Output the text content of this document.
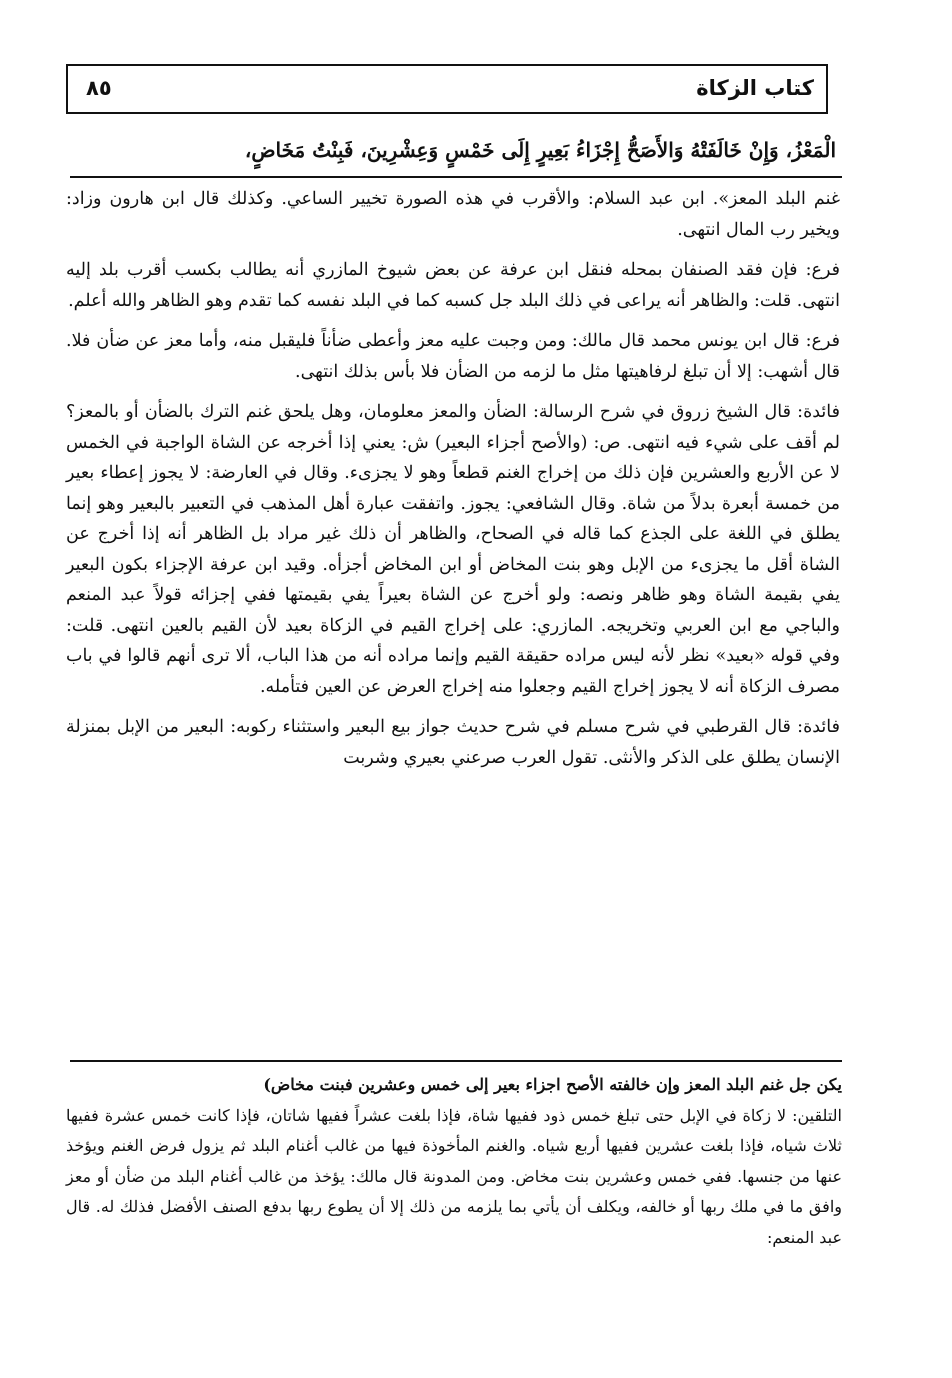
كتاب الزكاة
٨٥
الْمَعْزُ، وَإِنْ خَالَفَتْهُ وَالأَصَحُّ إِجْزَاءُ بَعِيرٍ إِلَى خَمْسٍ وَعِشْرِينَ، فَبِنْتُ مَخَاضٍ،

غنم البلد المعز». ابن عبد السلام: والأقرب في هذه الصورة تخيير الساعي. وكذلك قال ابن هارون وزاد: ويخير رب المال انتهى.

فرع: فإن فقد الصنفان بمحله فنقل ابن عرفة عن بعض شيوخ المازري أنه يطالب بكسب أقرب بلد إليه انتهى. قلت: والظاهر أنه يراعى في ذلك البلد جل كسبه كما في البلد نفسه كما تقدم وهو الظاهر والله أعلم.

فرع: قال ابن يونس محمد قال مالك: ومن وجبت عليه معز وأعطى ضأناً فليقبل منه، وأما معز عن ضأن فلا. قال أشهب: إلا أن تبلغ لرفاهيتها مثل ما لزمه من الضأن فلا بأس بذلك انتهى.

فائدة: قال الشيخ زروق في شرح الرسالة: الضأن والمعز معلومان، وهل يلحق غنم الترك بالضأن أو بالمعز؟ لم أقف على شيء فيه انتهى. ص: (والأصح أجزاء البعير) ش: يعني إذا أخرجه عن الشاة الواجبة في الخمس لا عن الأربع والعشرين فإن ذلك من إخراج الغنم قطعاً وهو لا يجزىء. وقال في العارضة: لا يجوز إعطاء بعير من خمسة أبعرة بدلاً من شاة. وقال الشافعي: يجوز. واتفقت عبارة أهل المذهب في التعبير بالبعير وهو إنما يطلق في اللغة على الجذع كما قاله في الصحاح، والظاهر أن ذلك غير مراد بل الظاهر أنه إذا أخرج عن الشاة أقل ما يجزىء من الإبل وهو بنت المخاض أو ابن المخاض أجزأه. وقيد ابن عرفة الإجزاء بكون البعير يفي بقيمة الشاة وهو ظاهر ونصه: ولو أخرج عن الشاة بعيراً يفي بقيمتها ففي إجزائه قولاً عبد المنعم والباجي مع ابن العربي وتخريجه. المازري: على إخراج القيم في الزكاة بعيد لأن القيم بالعين انتهى. قلت: وفي قوله «بعيد» نظر لأنه ليس مراده حقيقة القيم وإنما مراده أنه من هذا الباب، ألا ترى أنهم قالوا في باب مصرف الزكاة أنه لا يجوز إخراج القيم وجعلوا منه إخراج العرض عن العين فتأمله.

فائدة: قال القرطبي في شرح مسلم في شرح حديث جواز بيع البعير واستثناء ركوبه: البعير من الإبل بمنزلة الإنسان يطلق على الذكر والأنثى. تقول العرب صرعني بعيري وشربت

يكن جل غنم البلد المعز وإن خالفته الأصح اجزاء بعير إلى خمس وعشرين فبنت مخاض)

التلقين: لا زكاة في الإبل حتى تبلغ خمس ذود ففيها شاة، فإذا بلغت عشراً ففيها شاتان، فإذا كانت خمس عشرة ففيها ثلاث شياه، فإذا بلغت عشرين ففيها أربع شياه. والغنم المأخوذة فيها من غالب أغنام البلد ثم يزول فرض الغنم ويؤخذ عنها من جنسها. ففي خمس وعشرين بنت مخاض. ومن المدونة قال مالك: يؤخذ من غالب أغنام البلد من ضأن أو معز وافق ما في ملك ربها أو خالفه، ويكلف أن يأتي بما يلزمه من ذلك إلا أن يطوع ربها بدفع الصنف الأفضل فذلك له. قال عبد المنعم:
